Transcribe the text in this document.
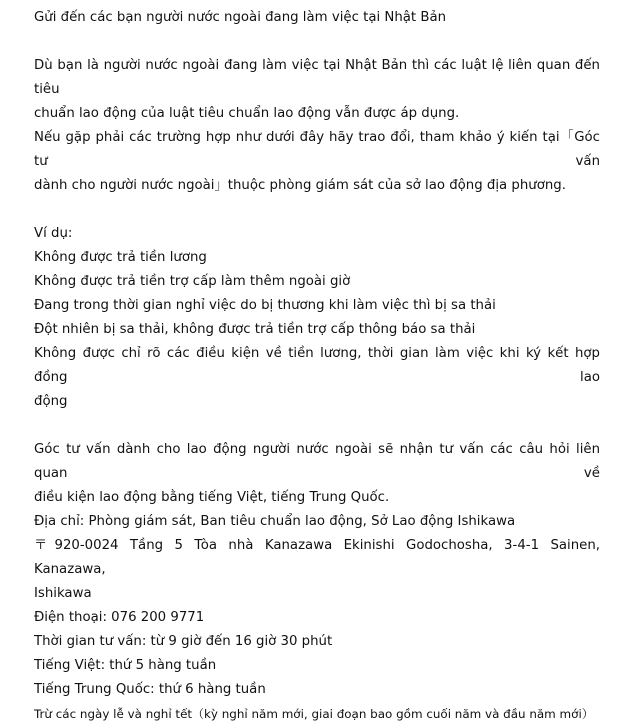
Gửi đến các bạn người nước ngoài đang làm việc tại Nhật Bản
Dù bạn là người nước ngoài đang làm việc tại Nhật Bản thì các luật lệ liên quan đến tiêu
chuẩn lao động của luật tiêu chuẩn lao động vẫn được áp dụng.
Nếu gặp phải các trường hợp như dưới đây hãy trao đổi, tham khảo ý kiến tại「Góc tư vấn
dành cho người nước ngoài」thuộc phòng giám sát của sở lao động địa phương.
Ví dụ:
Không được trả tiền lương
Không được trả tiền trợ cấp làm thêm ngoài giờ
Đang trong thời gian nghỉ việc do bị thương khi làm việc thì bị sa thải
Đột nhiên bị sa thải, không được trả tiền trợ cấp thông báo sa thải
Không được chỉ rõ các điều kiện về tiền lương, thời gian làm việc khi ký kết hợp đồng lao
động
Góc tư vấn dành cho lao động người nước ngoài sẽ nhận tư vấn các câu hỏi liên quan về
điều kiện lao động bằng tiếng Việt, tiếng Trung Quốc.
Địa chỉ: Phòng giám sát, Ban tiêu chuẩn lao động, Sở Lao động Ishikawa
〒920-0024 Tầng 5 Tòa nhà Kanazawa Ekinishi Godochosha, 3-4-1 Sainen, Kanazawa,
Ishikawa
Điện thoại: 076 200 9771
Thời gian tư vấn: từ 9 giờ đến 16 giờ 30 phút
Tiếng Việt: thứ 5 hàng tuần
Tiếng Trung Quốc: thứ 6 hàng tuần
Trừ các ngày lễ và nghỉ tết（kỳ nghỉ năm mới, giai đoạn bao gồm cuối năm và đầu năm mới）
